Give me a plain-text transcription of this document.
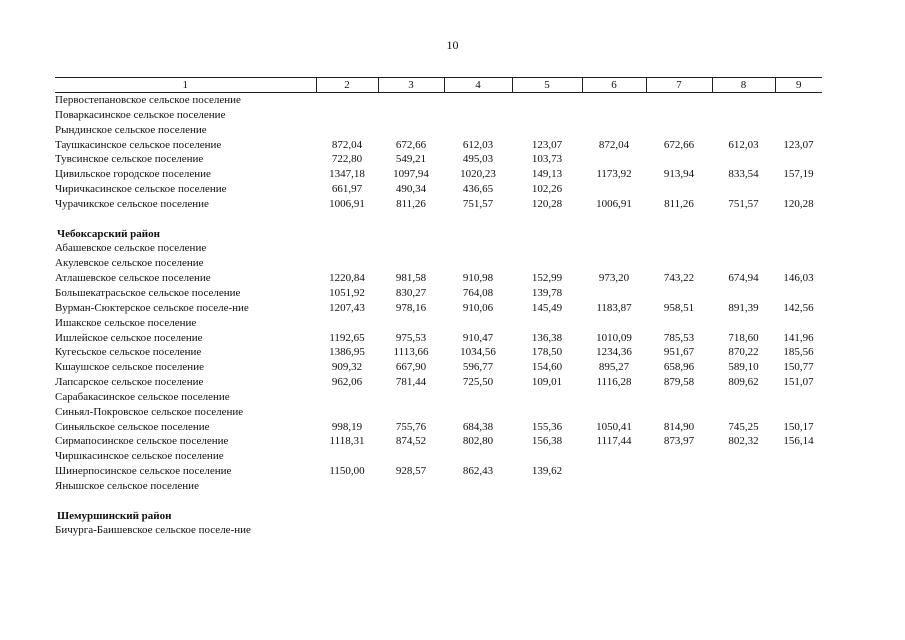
10
1	2	3	4	5	6	7	8	9
Первостепановское сельское поселение								
Поваркасинское сельское поселение								
Рындинское сельское поселение								
Таушкасинское сельское поселение	872,04	672,66	612,03	123,07	872,04	672,66	612,03	123,07
Тувсинское сельское поселение	722,80	549,21	495,03	103,73				
Цивильское городское поселение	1347,18	1097,94	1020,23	149,13	1173,92	913,94	833,54	157,19
Чиричкасинское сельское поселение	661,97	490,34	436,65	102,26				
Чурачикское сельское поселение	1006,91	811,26	751,57	120,28	1006,91	811,26	751,57	120,28

Чебоксарский район								
Абашевское сельское поселение								
Акулевское сельское поселение								
Атлашевское сельское поселение	1220,84	981,58	910,98	152,99	973,20	743,22	674,94	146,03
Большекатрасьское сельское поселение	1051,92	830,27	764,08	139,78				
Вурман-Сюктерское сельское поселе-ние	1207,43	978,16	910,06	145,49	1183,87	958,51	891,39	142,56
Ишакское сельское поселение								
Ишлейское сельское поселение	1192,65	975,53	910,47	136,38	1010,09	785,53	718,60	141,96
Кугесьское сельское поселение	1386,95	1113,66	1034,56	178,50	1234,36	951,67	870,22	185,56
Кшаушское сельское поселение	909,32	667,90	596,77	154,60	895,27	658,96	589,10	150,77
Лапсарское сельское поселение	962,06	781,44	725,50	109,01	1116,28	879,58	809,62	151,07
Сарабакасинское сельское поселение								
Синьял-Покровское сельское поселение								
Синьяльское сельское поселение	998,19	755,76	684,38	155,36	1050,41	814,90	745,25	150,17
Сирмапосинское сельское поселение	1118,31	874,52	802,80	156,38	1117,44	873,97	802,32	156,14
Чиршкасинское сельское поселение								
Шинерпосинское сельское поселение	1150,00	928,57	862,43	139,62				
Янышское сельское поселение								

Шемуршинский район								
Бичурга-Баишевское сельское поселе-ние								
